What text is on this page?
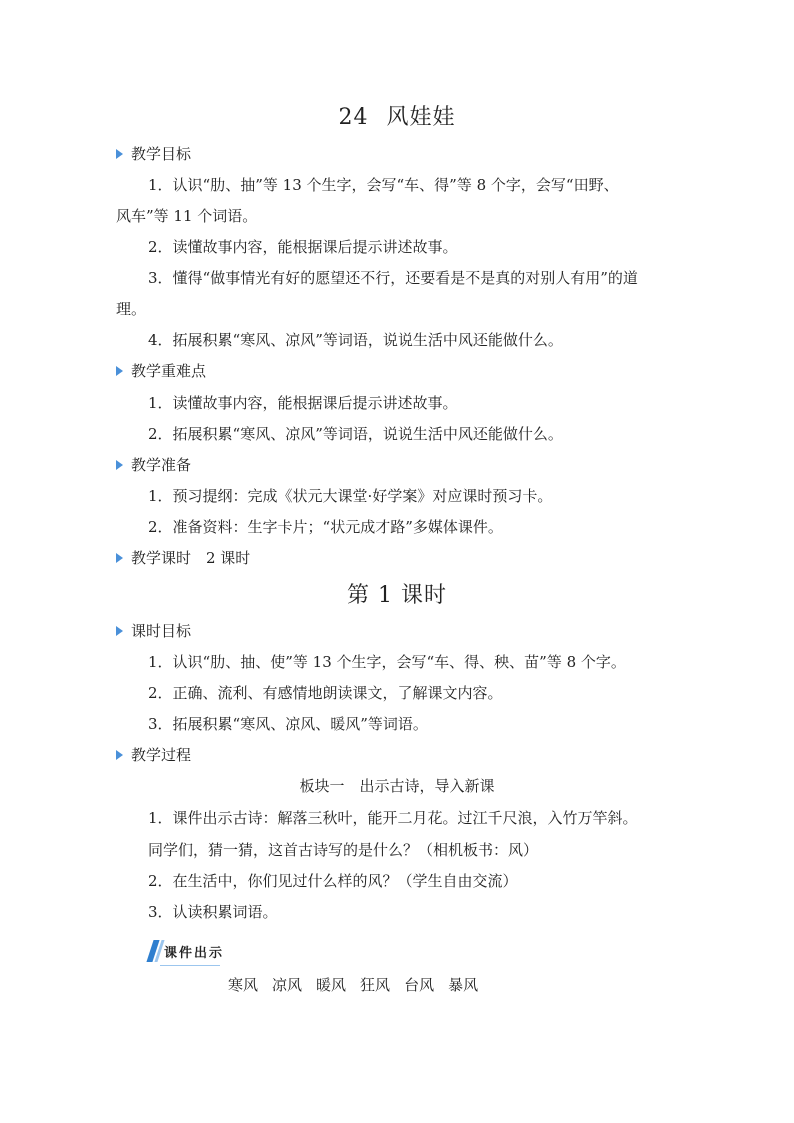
24 风娃娃
教学目标
1．认识“肋、抽”等 13 个生字，会写“车、得”等 8 个字，会写“田野、
风车”等 11 个词语。
2．读懂故事内容，能根据课后提示讲述故事。
3．懂得“做事情光有好的愿望还不行，还要看是不是真的对别人有用”的道
理。
4．拓展积累“寒风、凉风”等词语，说说生活中风还能做什么。
教学重难点
1．读懂故事内容，能根据课后提示讲述故事。
2．拓展积累“寒风、凉风”等词语，说说生活中风还能做什么。
教学准备
1．预习提纲：完成《状元大课堂·好学案》对应课时预习卡。
2．准备资料：生字卡片；“状元成才路”多媒体课件。
教学课时　2 课时
第 1 课时
课时目标
1．认识“肋、抽、使”等 13 个生字，会写“车、得、秧、苗”等 8 个字。
2．正确、流利、有感情地朗读课文，了解课文内容。
3．拓展积累“寒风、凉风、暖风”等词语。
教学过程
板块一　出示古诗，导入新课
1．课件出示古诗：解落三秋叶，能开二月花。过江千尺浪，入竹万竿斜。
同学们，猜一猜，这首古诗写的是什么？（相机板书：风）
2．在生活中，你们见过什么样的风？（学生自由交流）
3．认读积累词语。
课件出示
寒风 凉风 暖风 狂风 台风 暴风
